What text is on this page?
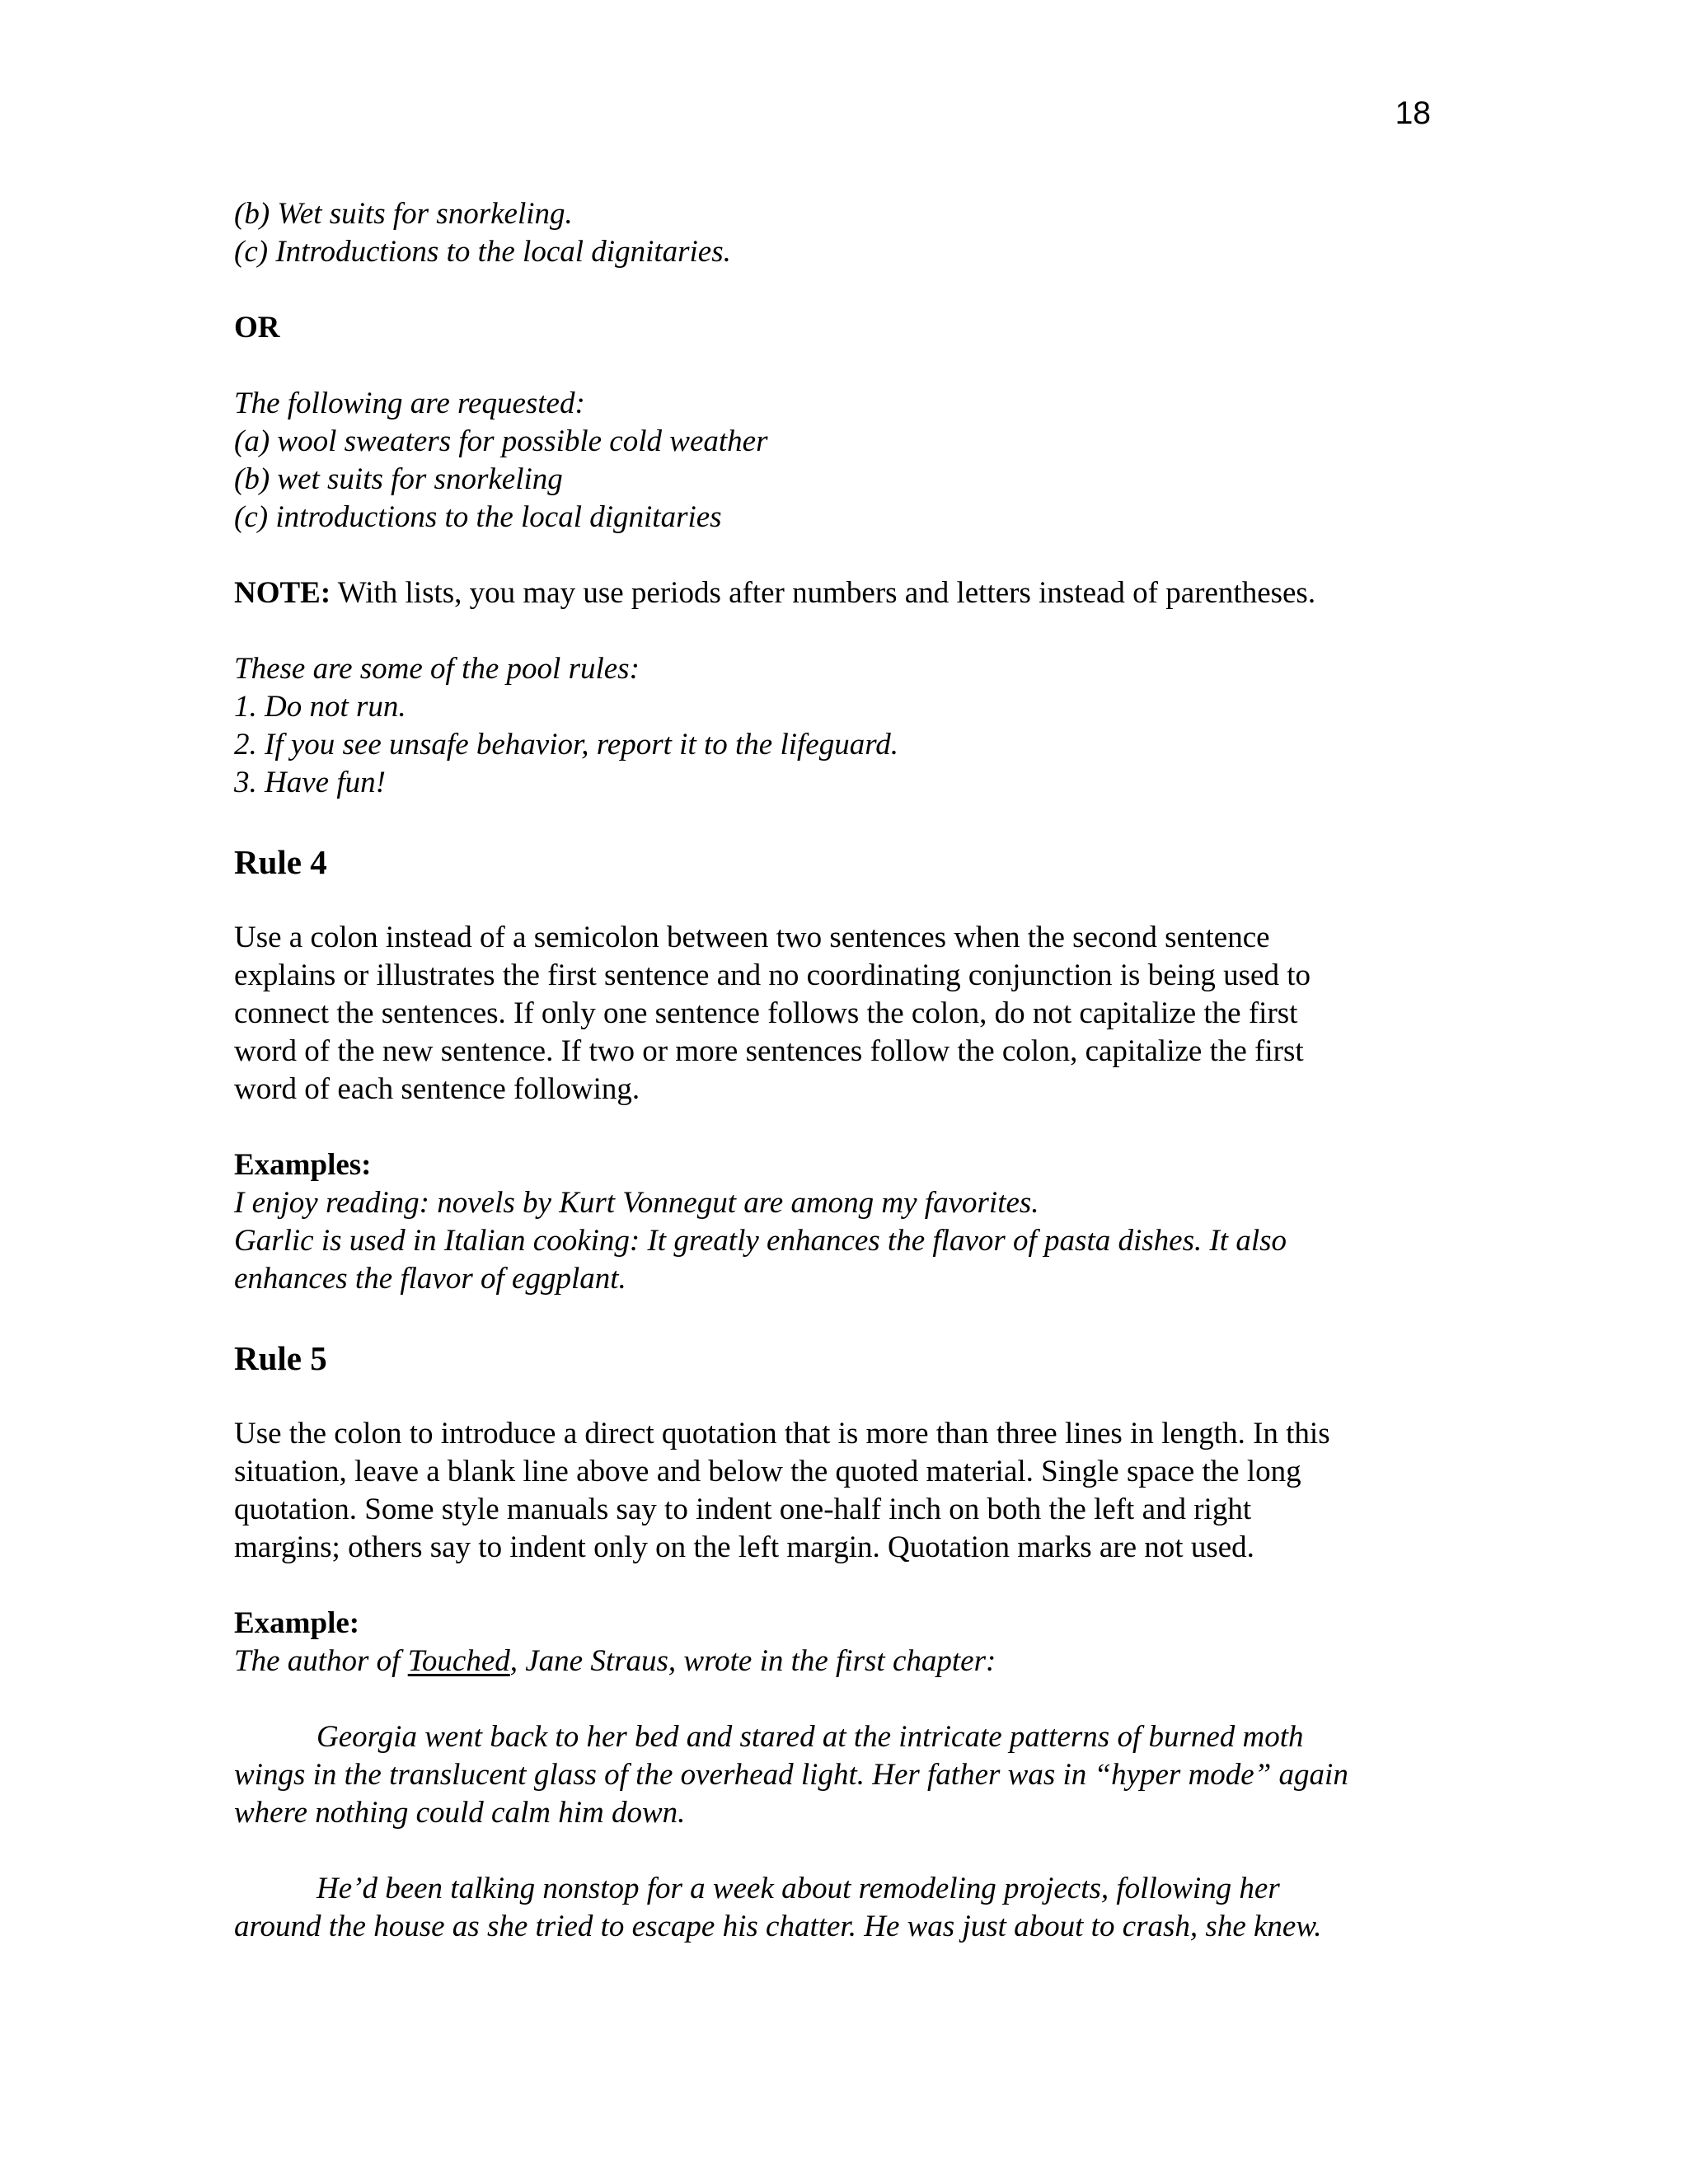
18

(b) Wet suits for snorkeling.

(c) Introductions to the local dignitaries.

OR

The following are requested:

(a) wool sweaters for possible cold weather

(b) wet suits for snorkeling

(c) introductions to the local dignitaries

NOTE: With lists, you may use periods after numbers and letters instead of parentheses.

These are some of the pool rules:

1. Do not run.

2. If you see unsafe behavior, report it to the lifeguard.

3. Have fun!

Rule 4

Use a colon instead of a semicolon between two sentences when the second sentence

explains or illustrates the first sentence and no coordinating conjunction is being used to

connect the sentences. If only one sentence follows the colon, do not capitalize the first

word of the new sentence. If two or more sentences follow the colon, capitalize the first

word of each sentence following.

Examples:

I enjoy reading: novels by Kurt Vonnegut are among my favorites.

Garlic is used in Italian cooking: It greatly enhances the flavor of pasta dishes. It also

enhances the flavor of eggplant.

Rule 5

Use the colon to introduce a direct quotation that is more than three lines in length. In this

situation, leave a blank line above and below the quoted material. Single space the long

quotation. Some style manuals say to indent one-half inch on both the left and right

margins; others say to indent only on the left margin. Quotation marks are not used.

Example:

The author of Touched, Jane Straus, wrote in the first chapter:

Georgia went back to her bed and stared at the intricate patterns of burned moth

wings in the translucent glass of the overhead light. Her father was in “hyper mode” again

where nothing could calm him down.

He’d been talking nonstop for a week about remodeling projects, following her

around the house as she tried to escape his chatter. He was just about to crash, she knew.
